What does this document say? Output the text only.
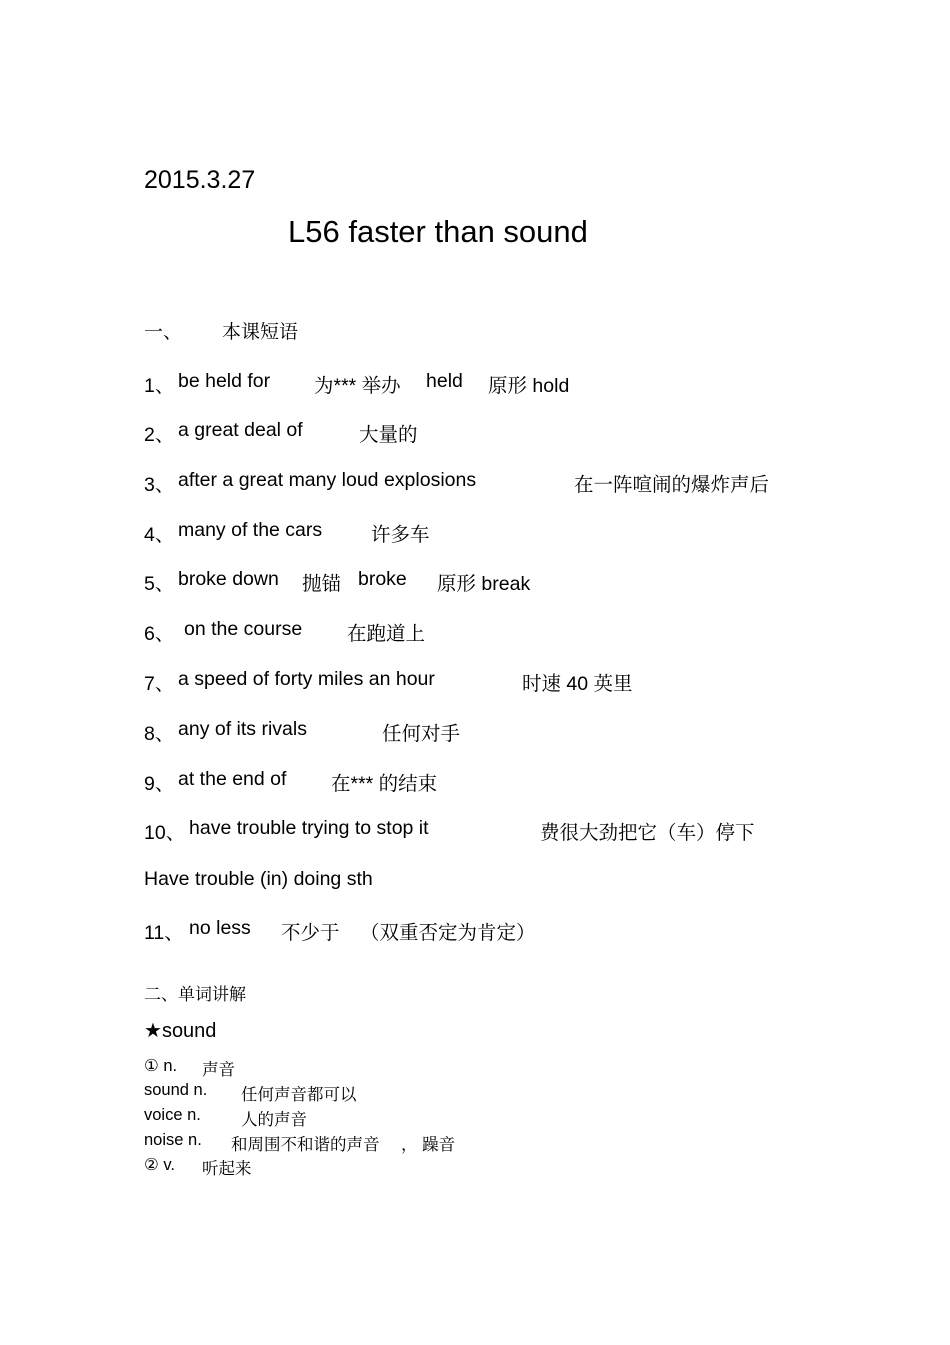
2015.3.27
L56 faster than sound
一、 本课短语
1、 be held for 为*** 举办 held 原形 hold
2、 a great deal of	大量的
3、 after a great many loud explosions	在一阵喧闹的爆炸声后
4、 many of the cars	许多车
5、 broke down 抛锚 broke 原形 break
6、 on the course 在跑道上
7、 a speed of forty miles an hour	时速 40 英里
8、 any of its rivals	任何对手
9、 at the end of 在*** 的结束
10、 have trouble trying to stop it	费很大劲把它（车）停下
Have trouble (in) doing sth
11、 no less 不少于 （双重否定为肯定）
二、单词讲解
★sound
① n. 声音
sound n. 任何声音都可以
voice n. 人的声音
noise n. 和周围不和谐的声音 ， 躁音
② v. 听起来
